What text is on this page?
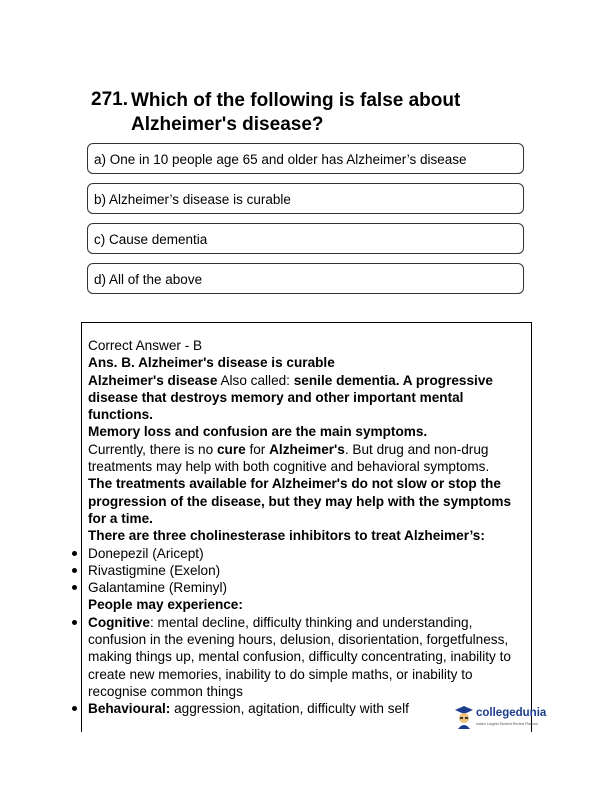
271. Which of the following is false about Alzheimer's disease?
a) One in 10 people age 65 and older has Alzheimer’s disease
b) Alzheimer’s disease is curable
c) Cause dementia
d) All of the above

Correct Answer - B

Ans. B. Alzheimer's disease is curable

Alzheimer's disease Also called: senile dementia. A progressive disease that destroys memory and other important mental functions.

Memory loss and confusion are the main symptoms.

Currently, there is no cure for Alzheimer's. But drug and non-drug treatments may help with both cognitive and behavioral symptoms.

The treatments available for Alzheimer's do not slow or stop the progression of the disease, but they may help with the symptoms for a time.

There are three cholinesterase inhibitors to treat Alzheimer’s:

Donepezil (Aricept)

Rivastigmine (Exelon)

Galantamine (Reminyl)

People may experience:

Cognitive: mental decline, difficulty thinking and understanding, confusion in the evening hours, delusion, disorientation, forgetfulness, making things up, mental confusion, difficulty concentrating, inability to create new memories, inability to do simple maths, or inability to recognise common things

Behavioural: aggression, agitation, difficulty with self	collegedunia
India's Largest Student Review Platform
